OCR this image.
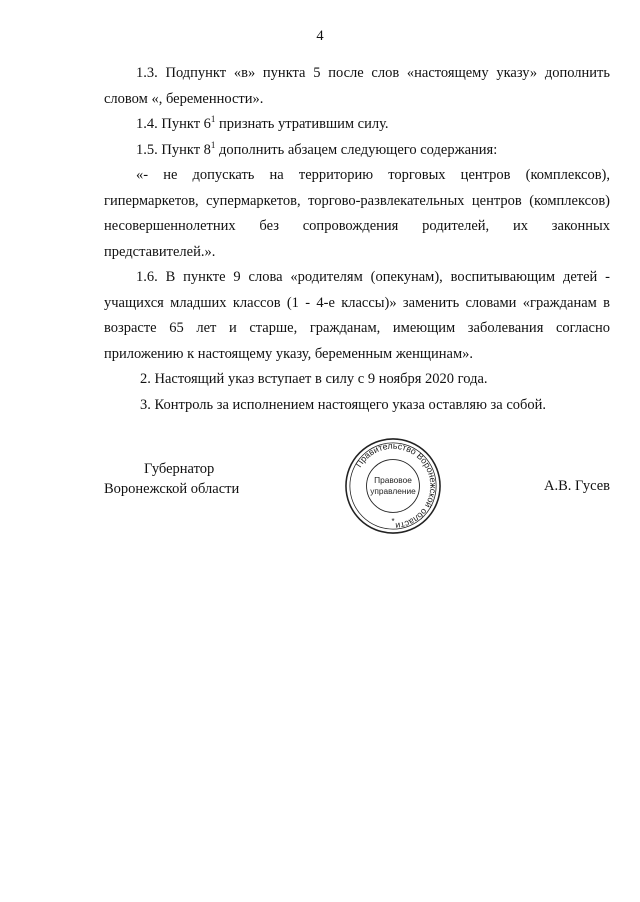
4

1.3. Подпункт «в» пункта 5 после слов «настоящему указу» дополнить словом «, беременности».

1.4. Пункт $6^1$ признать утратившим силу.

1.5. Пункт $8^1$ дополнить абзацем следующего содержания:

«- не допускать на территорию торговых центров (комплексов), гипермаркетов, супермаркетов, торгово-развлекательных центров (комплексов) несовершеннолетних без сопровождения родителей, их законных представителей.».

1.6. В пункте 9 слова «родителям (опекунам), воспитывающим детей - учащихся младших классов (1 - 4-е классы)» заменить словами «гражданам в возрасте 65 лет и старше, гражданам, имеющим заболевания согласно приложению к настоящему указу, беременным женщинам».

2. Настоящий указ вступает в силу с 9 ноября 2020 года.

3. Контроль за исполнением настоящего указа оставляю за собой.

Губернатор
Воронежской области	А.В. Гусев
Правительство Воронежской области
Правовое
управление
*
